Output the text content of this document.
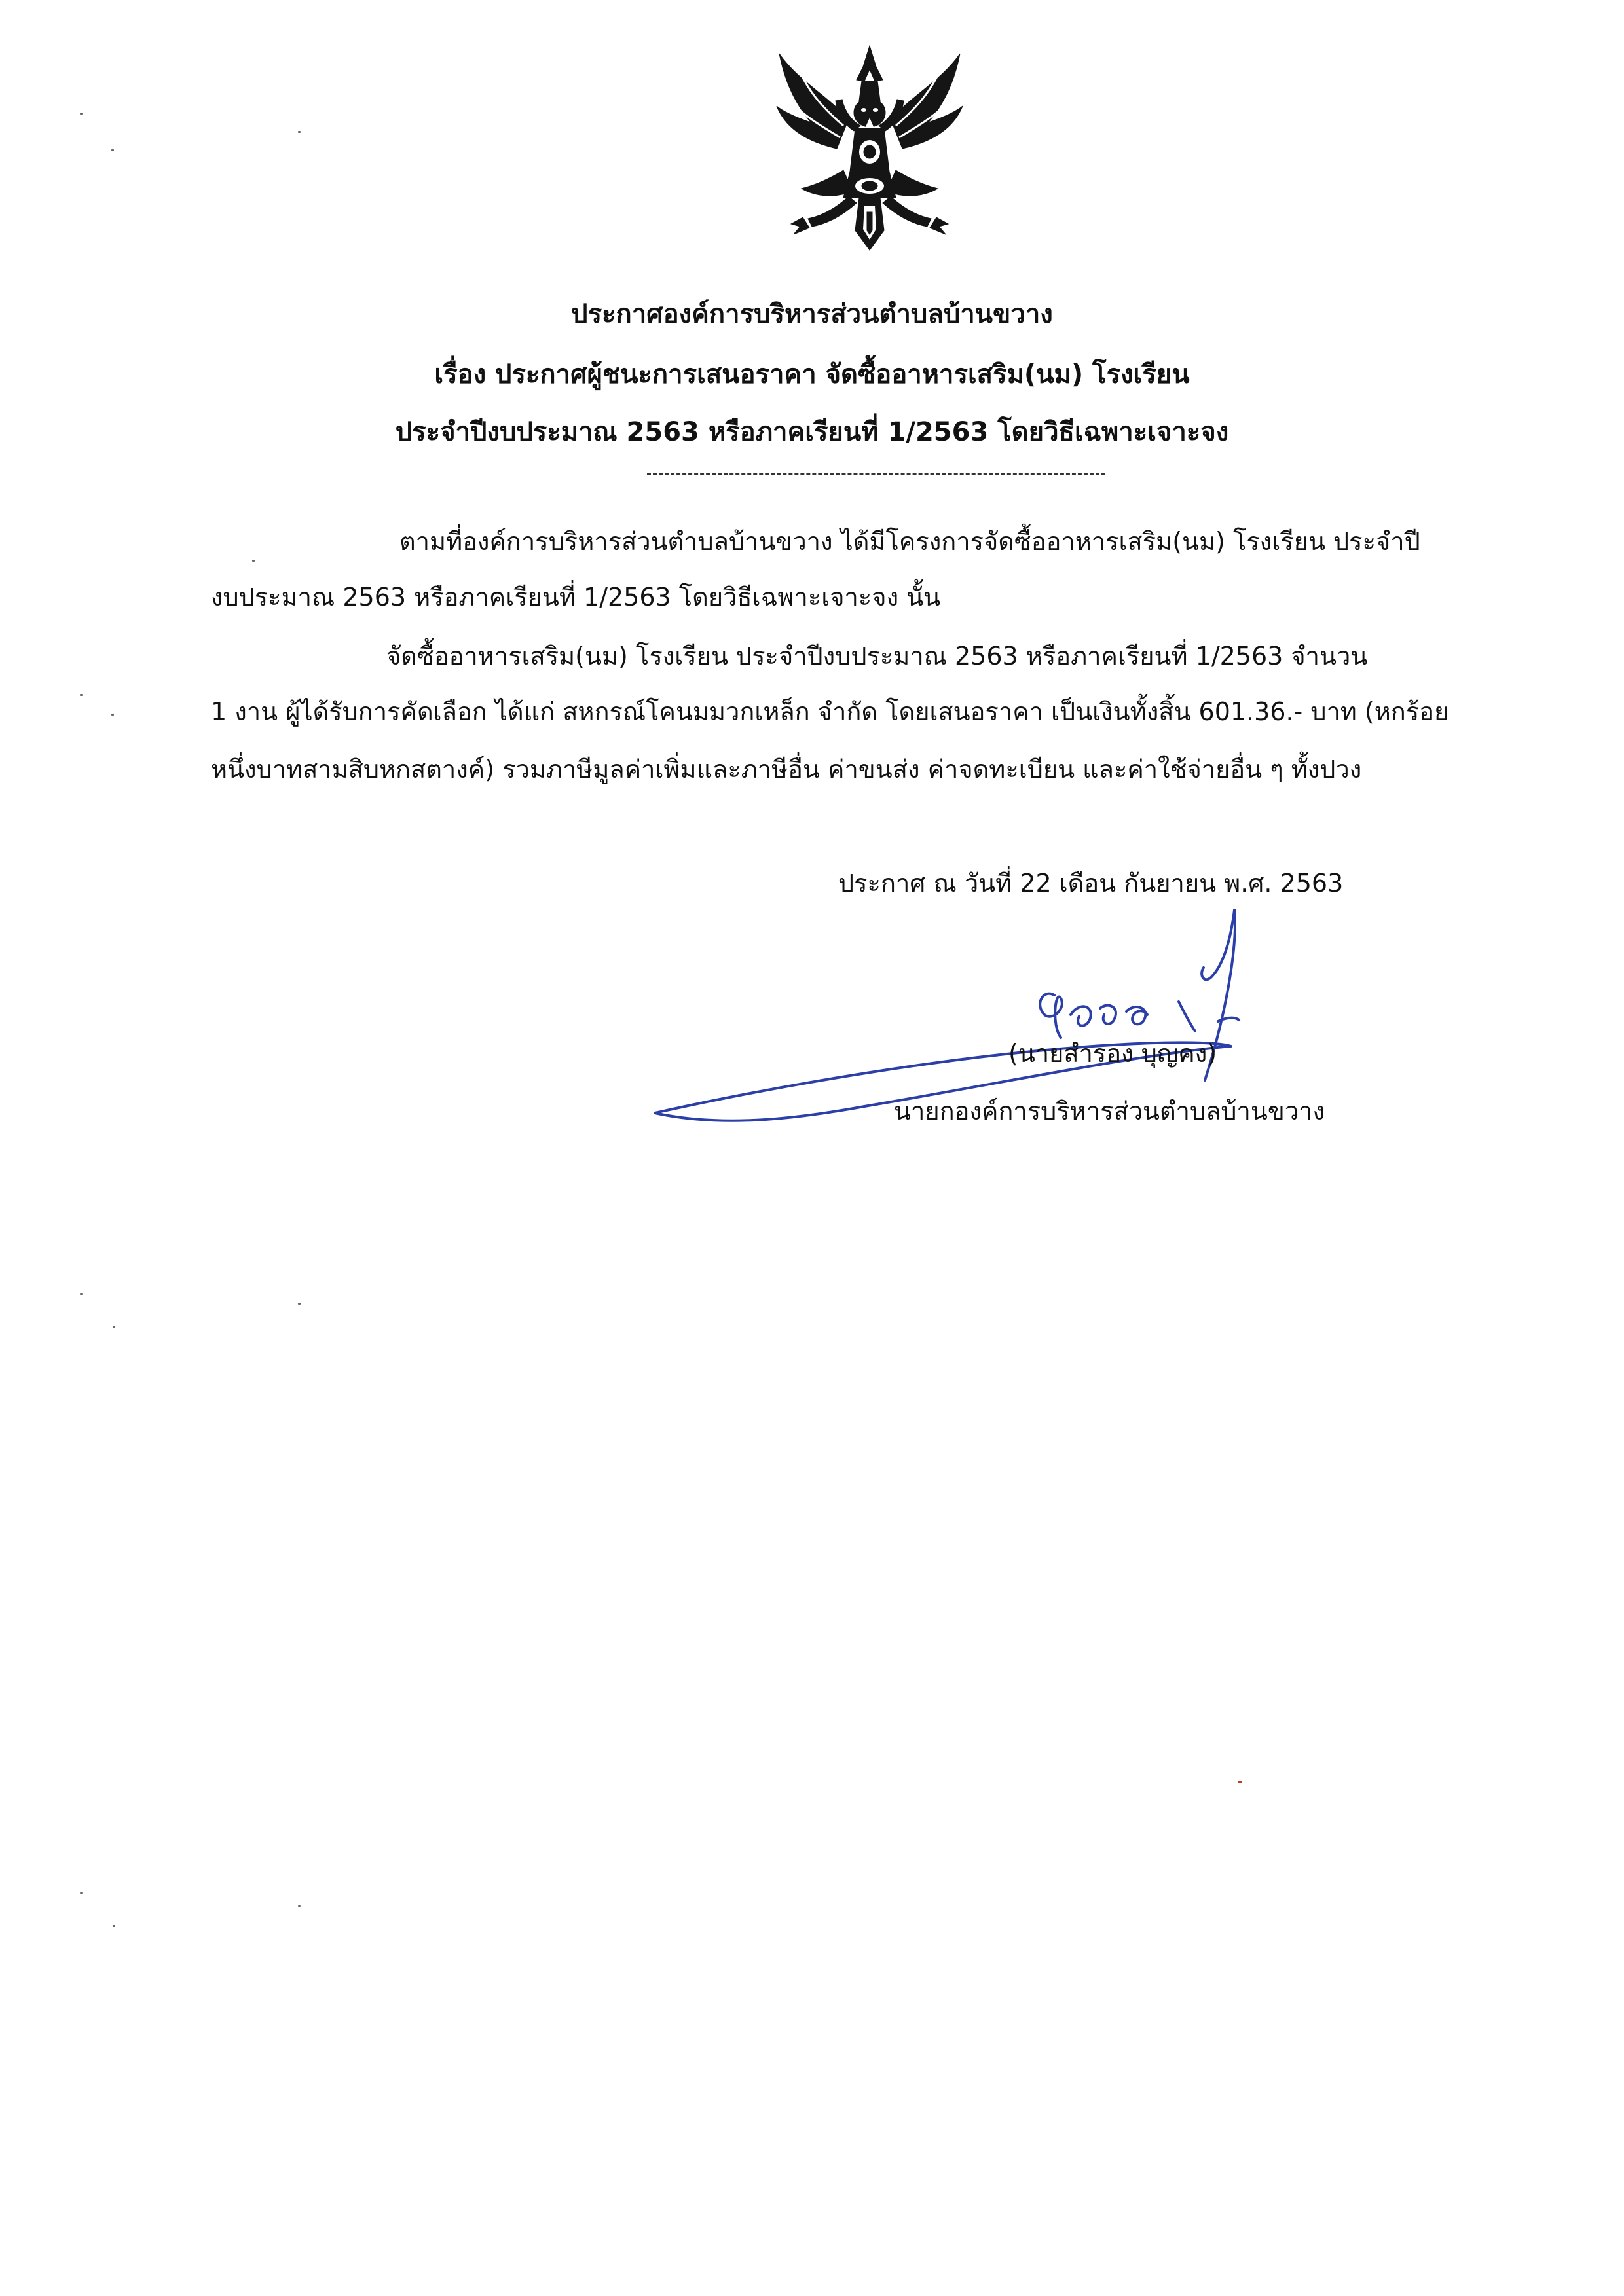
ประกาศองค์การบริหารส่วนตำบลบ้านขวาง
เรื่อง ประกาศผู้ชนะการเสนอราคา จัดซื้ออาหารเสริม(นม) โรงเรียน
ประจำปีงบประมาณ 2563 หรือภาคเรียนที่ 1/2563 โดยวิธีเฉพาะเจาะจง
ตามที่องค์การบริหารส่วนตำบลบ้านขวาง ได้มีโครงการจัดซื้ออาหารเสริม(นม) โรงเรียน ประจำปี
งบประมาณ 2563 หรือภาคเรียนที่ 1/2563 โดยวิธีเฉพาะเจาะจง นั้น
จัดซื้ออาหารเสริม(นม) โรงเรียน ประจำปีงบประมาณ 2563 หรือภาคเรียนที่ 1/2563 จำนวน
1 งาน ผู้ได้รับการคัดเลือก ได้แก่ สหกรณ์โคนมมวกเหล็ก จำกัด โดยเสนอราคา เป็นเงินทั้งสิ้น 601.36.- บาท (หกร้อย
หนึ่งบาทสามสิบหกสตางค์) รวมภาษีมูลค่าเพิ่มและภาษีอื่น ค่าขนส่ง ค่าจดทะเบียน และค่าใช้จ่ายอื่น ๆ ทั้งปวง
ประกาศ ณ วันที่ 22 เดือน กันยายน พ.ศ. 2563
(นายสำรอง บุญคง)
นายกองค์การบริหารส่วนตำบลบ้านขวาง
